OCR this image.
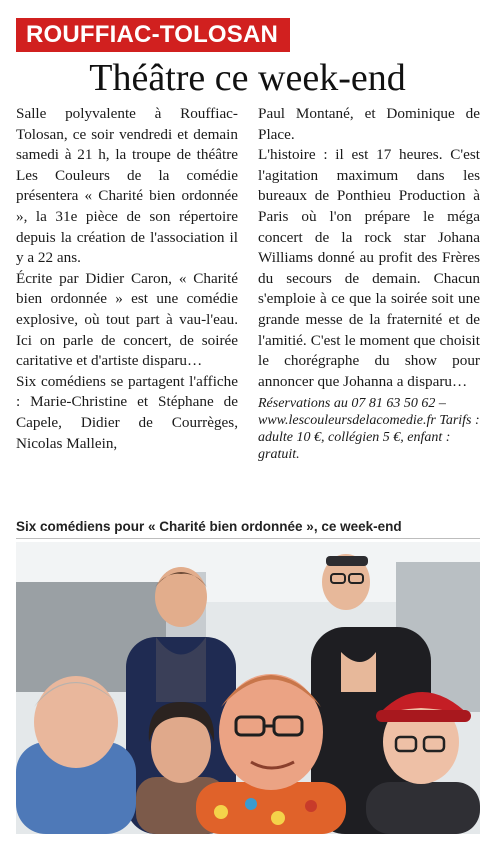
ROUFFIAC-TOLOSAN
Théâtre ce week-end

Salle polyvalente à Rouffiac-Tolosan, ce soir vendredi et demain samedi à 21 h, la troupe de théâtre Les Couleurs de la comédie présentera « Charité bien ordonnée », la 31e pièce de son répertoire depuis la création de l'association il y a 22 ans.

Écrite par Didier Caron, « Charité bien ordonnée » est une comédie explosive, où tout part à vau-l'eau. Ici on parle de concert, de soirée caritative et d'artiste disparu…

Six comédiens se partagent l'affiche : Marie-Christine et Stéphane de Capele, Didier de Courrèges, Nicolas Mallein,

Paul Montané, et Dominique de Place.

L'histoire : il est 17 heures. C'est l'agitation maximum dans les bureaux de Ponthieu Production à Paris où l'on prépare le méga concert de la rock star Johana Williams donné au profit des Frères du secours de demain. Chacun s'emploie à ce que la soirée soit une grande messe de la fraternité et de l'amitié. C'est le moment que choisit le chorégraphe du show pour annoncer que Johanna a disparu…

Réservations au 07 81 63 50 62 – www.lescouleursdelacomedie.fr Tarifs : adulte 10 €, collégien 5 €, enfant : gratuit.

Six comédiens pour « Charité bien ordonnée », ce week-end
